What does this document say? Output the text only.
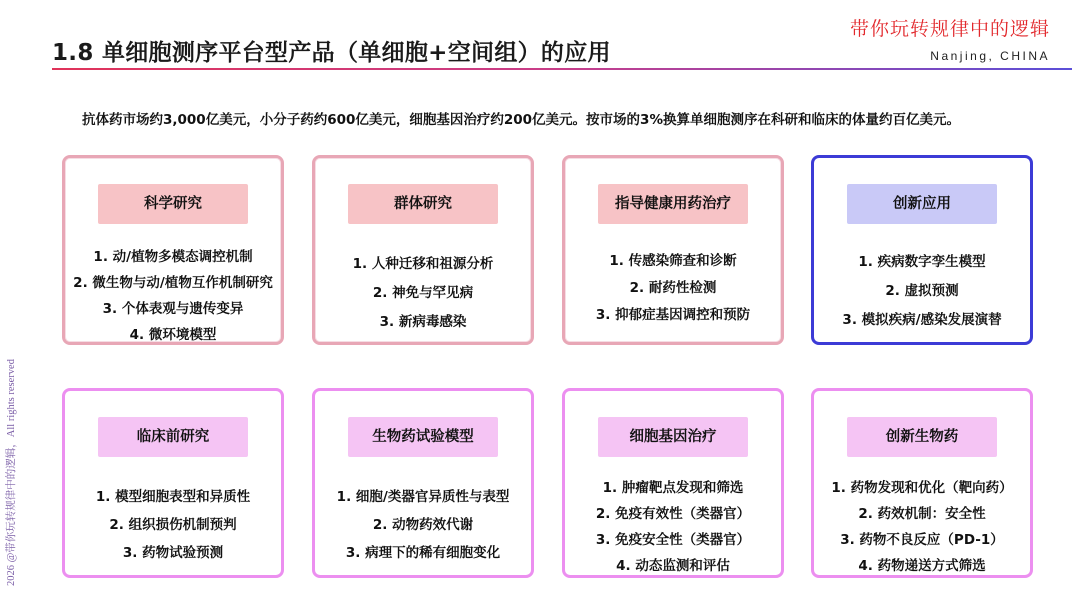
1.8 单细胞测序平台型产品（单细胞+空间组）的应用
带你玩转规律中的逻辑
Nanjing, CHINA
抗体药市场约3,000亿美元，小分子药约600亿美元，细胞基因治疗约200亿美元。按市场的3%换算单细胞测序在科研和临床的体量约百亿美元。
2026 @带你玩转规律中的逻辑，All rights reserved
科学研究
1. 动/植物多模态调控机制
2. 微生物与动/植物互作机制研究
3. 个体表观与遗传变异
4. 微环境模型
群体研究
1. 人种迁移和祖源分析
2. 神免与罕见病
3. 新病毒感染
指导健康用药治疗
1. 传感染筛查和诊断
2. 耐药性检测
3. 抑郁症基因调控和预防
创新应用
1. 疾病数字孪生模型
2. 虚拟预测
3. 模拟疾病/感染发展演替
临床前研究
1. 模型细胞表型和异质性
2. 组织损伤机制预判
3. 药物试验预测
生物药试验模型
1. 细胞/类器官异质性与表型
2. 动物药效代谢
3. 病理下的稀有细胞变化
细胞基因治疗
1. 肿瘤靶点发现和筛选
2. 免疫有效性（类器官）
3. 免疫安全性（类器官）
4. 动态监测和评估
创新生物药
1. 药物发现和优化（靶向药）
2. 药效机制：安全性
3. 药物不良反应（PD-1）
4. 药物递送方式筛选
